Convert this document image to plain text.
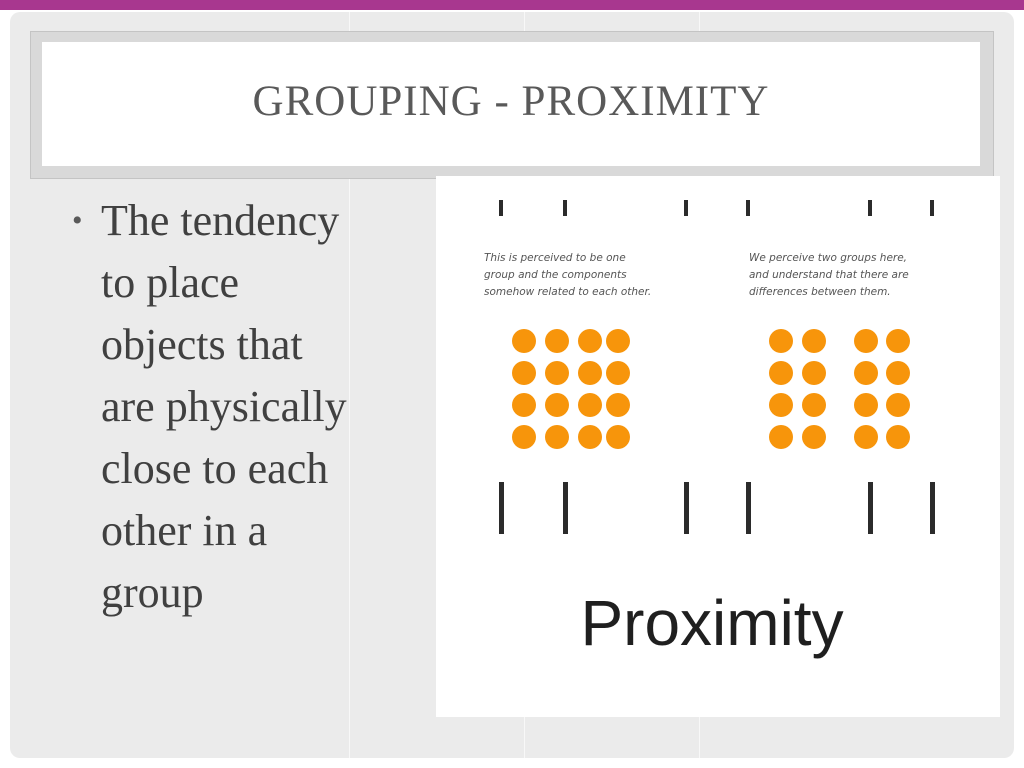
GROUPING - PROXIMITY
• The tendency
to place
objects that
are physically
close to each
other in a
group
This is perceived to be one
group and the components
somehow related to each other.
We perceive two groups here,
and understand that there are
differences between them.
Proximity
